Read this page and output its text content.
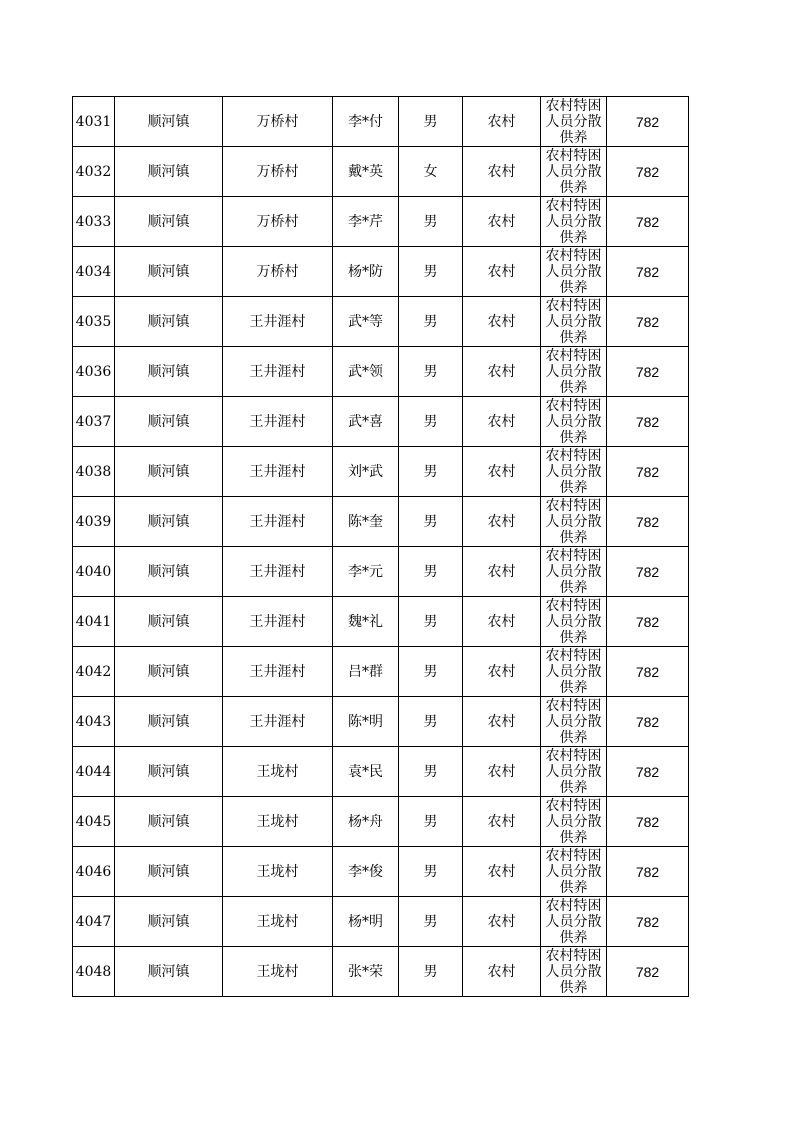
4031	顺河镇	万桥村	李*付	男	农村	农村特困人员分散供养	782
4032	顺河镇	万桥村	戴*英	女	农村	农村特困人员分散供养	782
4033	顺河镇	万桥村	李*芹	男	农村	农村特困人员分散供养	782
4034	顺河镇	万桥村	杨*防	男	农村	农村特困人员分散供养	782
4035	顺河镇	王井涯村	武*等	男	农村	农村特困人员分散供养	782
4036	顺河镇	王井涯村	武*领	男	农村	农村特困人员分散供养	782
4037	顺河镇	王井涯村	武*喜	男	农村	农村特困人员分散供养	782
4038	顺河镇	王井涯村	刘*武	男	农村	农村特困人员分散供养	782
4039	顺河镇	王井涯村	陈*奎	男	农村	农村特困人员分散供养	782
4040	顺河镇	王井涯村	李*元	男	农村	农村特困人员分散供养	782
4041	顺河镇	王井涯村	魏*礼	男	农村	农村特困人员分散供养	782
4042	顺河镇	王井涯村	吕*群	男	农村	农村特困人员分散供养	782
4043	顺河镇	王井涯村	陈*明	男	农村	农村特困人员分散供养	782
4044	顺河镇	王垅村	袁*民	男	农村	农村特困人员分散供养	782
4045	顺河镇	王垅村	杨*舟	男	农村	农村特困人员分散供养	782
4046	顺河镇	王垅村	李*俊	男	农村	农村特困人员分散供养	782
4047	顺河镇	王垅村	杨*明	男	农村	农村特困人员分散供养	782
4048	顺河镇	王垅村	张*荣	男	农村	农村特困人员分散供养	782
